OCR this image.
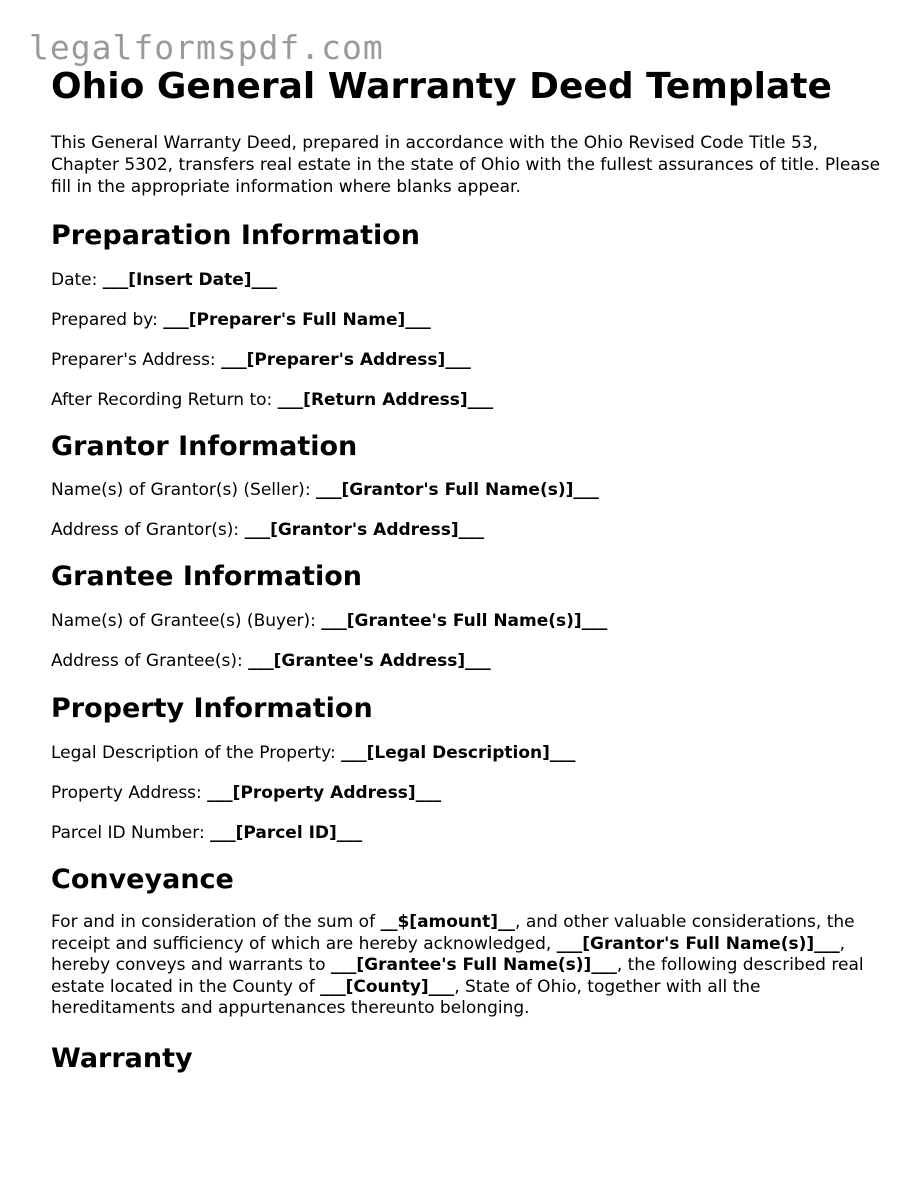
legalformspdf.com
Ohio General Warranty Deed Template

This General Warranty Deed, prepared in accordance with the Ohio Revised Code Title 53, Chapter 5302, transfers real estate in the state of Ohio with the fullest assurances of title. Please fill in the appropriate information where blanks appear.

Preparation Information

Date: ___[Insert Date]___

Prepared by: ___[Preparer's Full Name]___

Preparer's Address: ___[Preparer's Address]___

After Recording Return to: ___[Return Address]___

Grantor Information

Name(s) of Grantor(s) (Seller): ___[Grantor's Full Name(s)]___

Address of Grantor(s): ___[Grantor's Address]___

Grantee Information

Name(s) of Grantee(s) (Buyer): ___[Grantee's Full Name(s)]___

Address of Grantee(s): ___[Grantee's Address]___

Property Information

Legal Description of the Property: ___[Legal Description]___

Property Address: ___[Property Address]___

Parcel ID Number: ___[Parcel ID]___

Conveyance

For and in consideration of the sum of __$[amount]__, and other valuable considerations, the receipt and sufficiency of which are hereby acknowledged, ___[Grantor's Full Name(s)]___, hereby conveys and warrants to ___[Grantee's Full Name(s)]___, the following described real estate located in the County of ___[County]___, State of Ohio, together with all the hereditaments and appurtenances thereunto belonging.

Warranty
